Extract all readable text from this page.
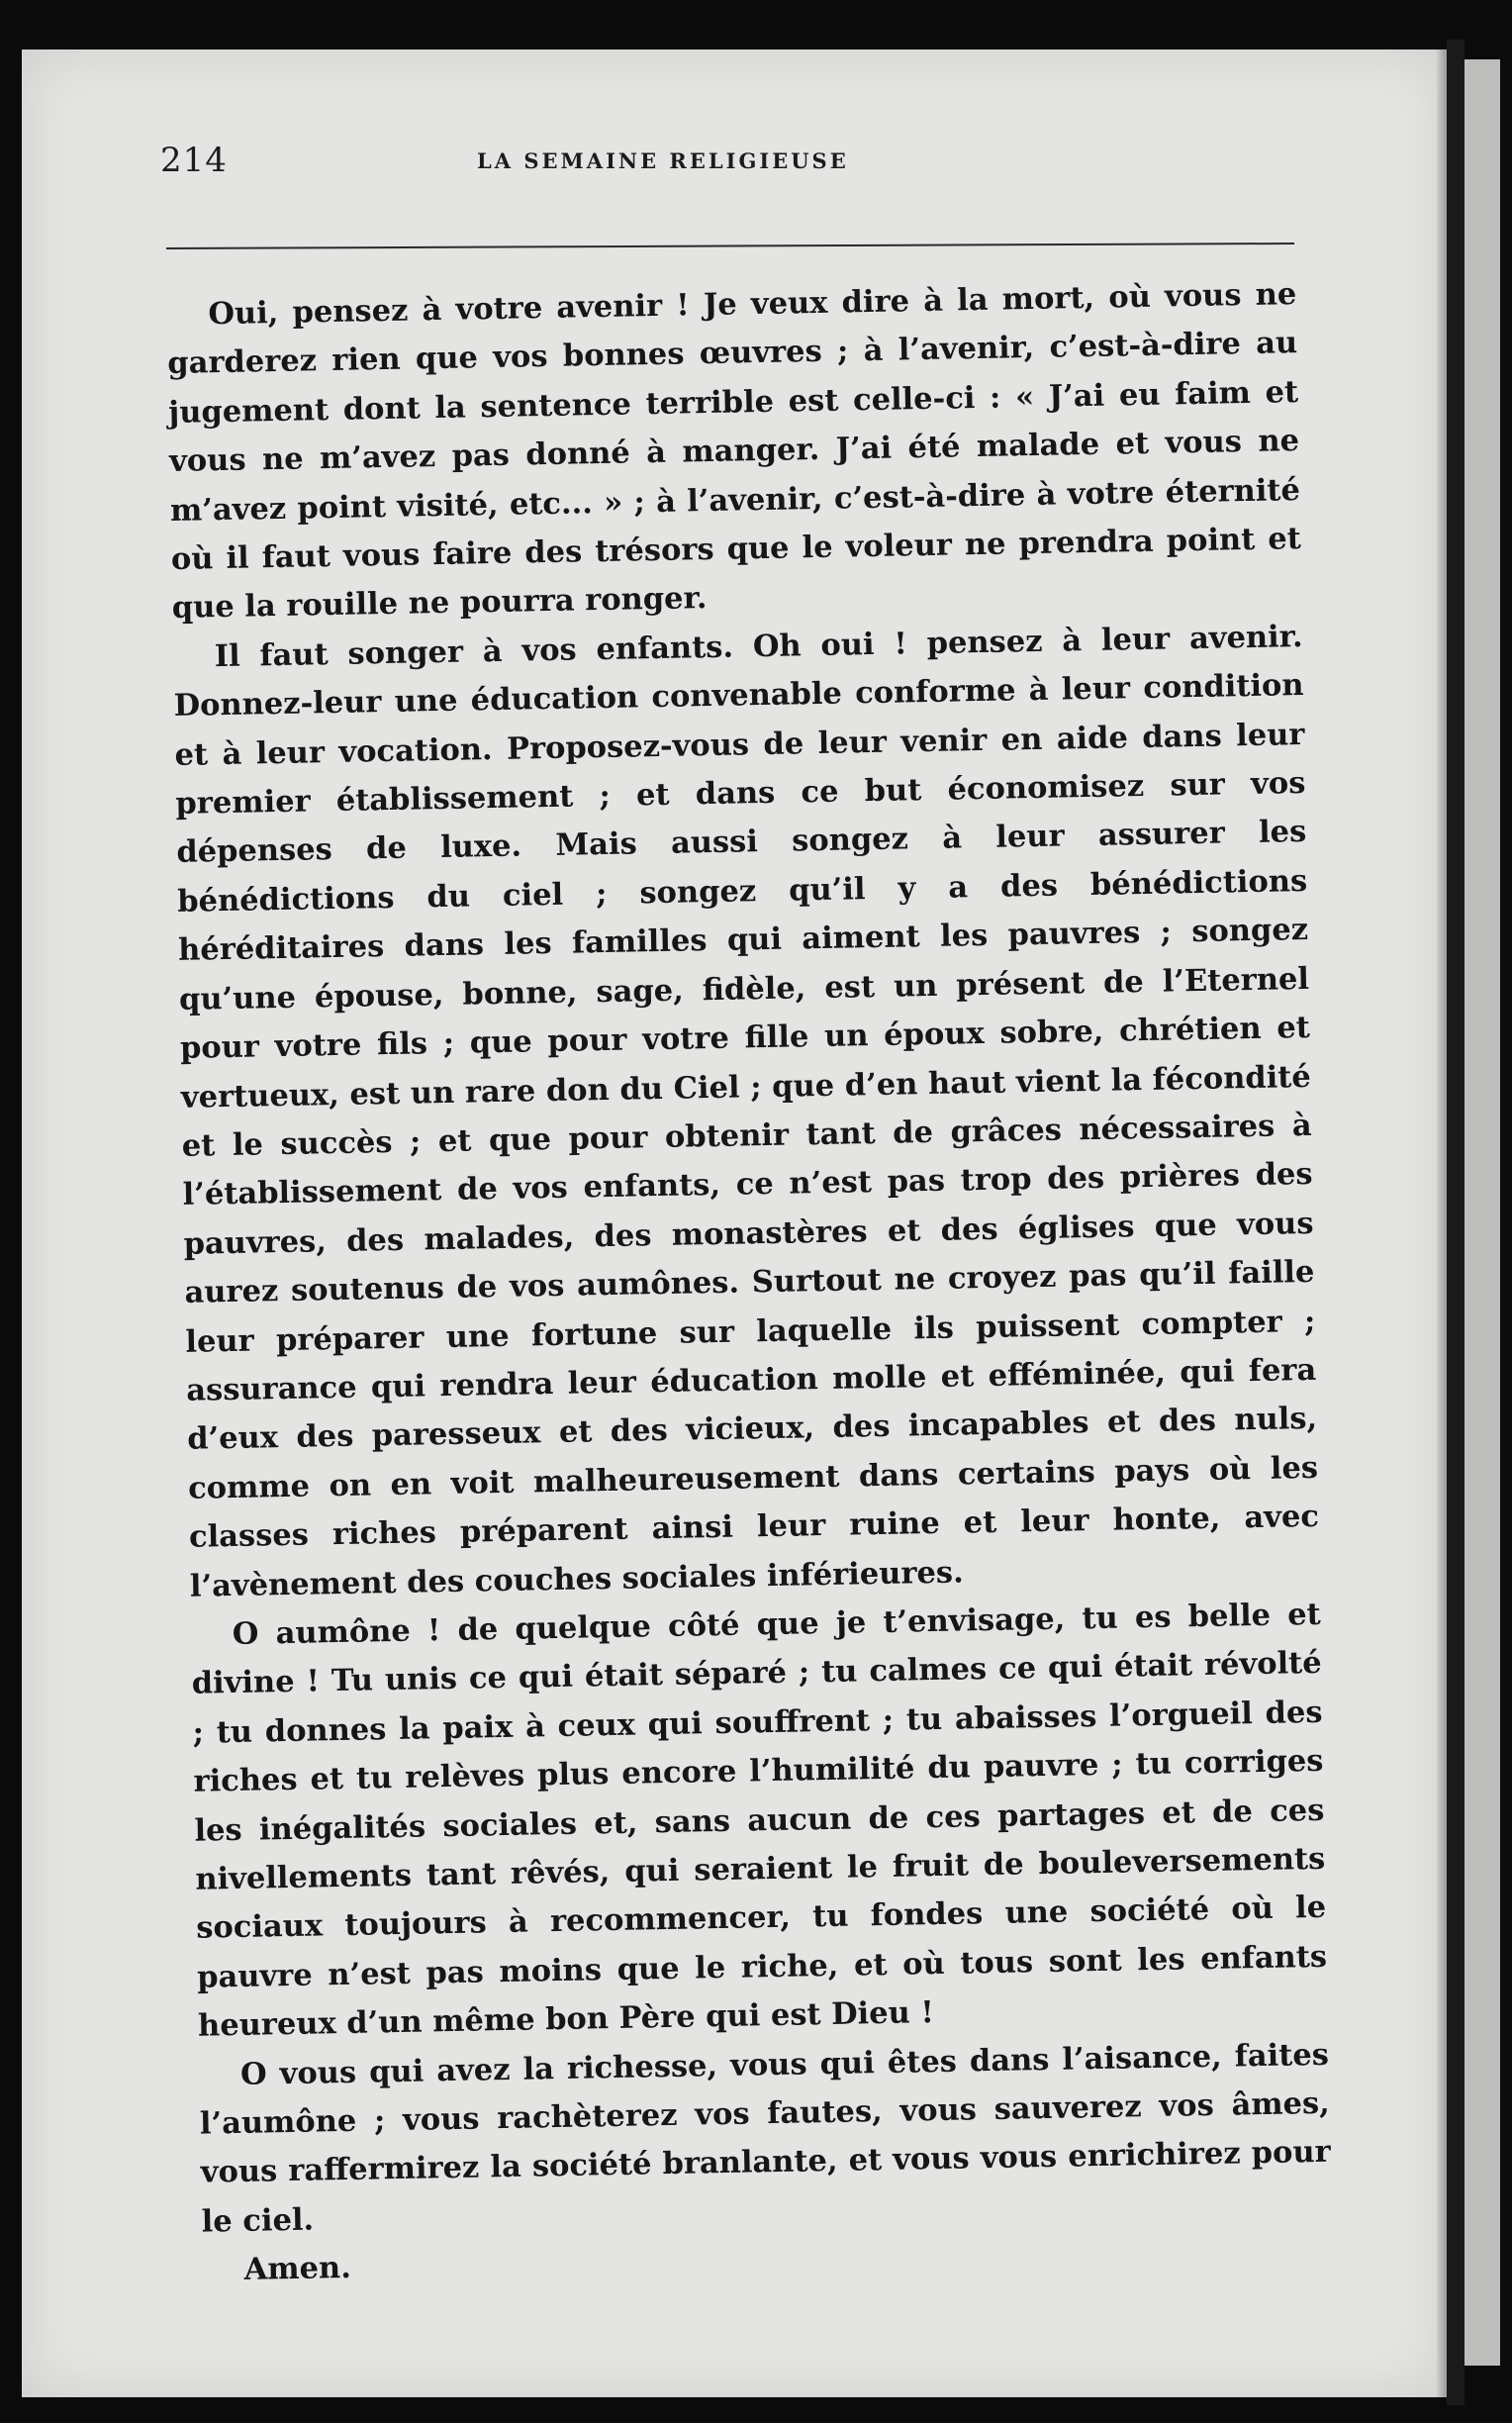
214	LA SEMAINE RELIGIEUSE

Oui, pensez à votre avenir ! Je veux dire à la mort, où vous ne garderez rien que vos bonnes œuvres ; à l’avenir, c’est-à-dire au jugement dont la sentence terrible est celle-ci : « J’ai eu faim et vous ne m’avez pas donné à manger. J’ai été malade et vous ne m’avez point visité, etc... » ; à l’avenir, c’est-à-dire à votre éternité où il faut vous faire des trésors que le voleur ne prendra point et que la rouille ne pourra ronger.

Il faut songer à vos enfants. Oh oui ! pensez à leur avenir. Donnez-leur une éducation convenable conforme à leur condition et à leur vocation. Proposez-vous de leur venir en aide dans leur premier établissement ; et dans ce but économisez sur vos dépenses de luxe. Mais aussi songez à leur assurer les bénédictions du ciel ; songez qu’il y a des bénédictions héréditaires dans les familles qui aiment les pauvres ; songez qu’une épouse, bonne, sage, fidèle, est un présent de l’Eternel pour votre fils ; que pour votre fille un époux sobre, chrétien et vertueux, est un rare don du Ciel ; que d’en haut vient la fécondité et le succès ; et que pour obtenir tant de grâces nécessaires à l’établissement de vos enfants, ce n’est pas trop des prières des pauvres, des malades, des monastères et des églises que vous aurez soutenus de vos aumônes. Surtout ne croyez pas qu’il faille leur préparer une fortune sur laquelle ils puissent compter ; assurance qui rendra leur éducation molle et efféminée, qui fera d’eux des paresseux et des vicieux, des incapables et des nuls, comme on en voit malheureusement dans certains pays où les classes riches préparent ainsi leur ruine et leur honte, avec l’avènement des couches sociales inférieures.

O aumône ! de quelque côté que je t’envisage, tu es belle et divine ! Tu unis ce qui était séparé ; tu calmes ce qui était révolté ; tu donnes la paix à ceux qui souffrent ; tu abaisses l’orgueil des riches et tu relèves plus encore l’humilité du pauvre ; tu corriges les inégalités sociales et, sans aucun de ces partages et de ces nivellements tant rêvés, qui seraient le fruit de bouleversements sociaux toujours à recommencer, tu fondes une société où le pauvre n’est pas moins que le riche, et où tous sont les enfants heureux d’un même bon Père qui est Dieu !

O vous qui avez la richesse, vous qui êtes dans l’aisance, faites l’aumône ; vous rachèterez vos fautes, vous sauverez vos âmes, vous raffermirez la société branlante, et vous vous enrichirez pour le ciel.

Amen.
